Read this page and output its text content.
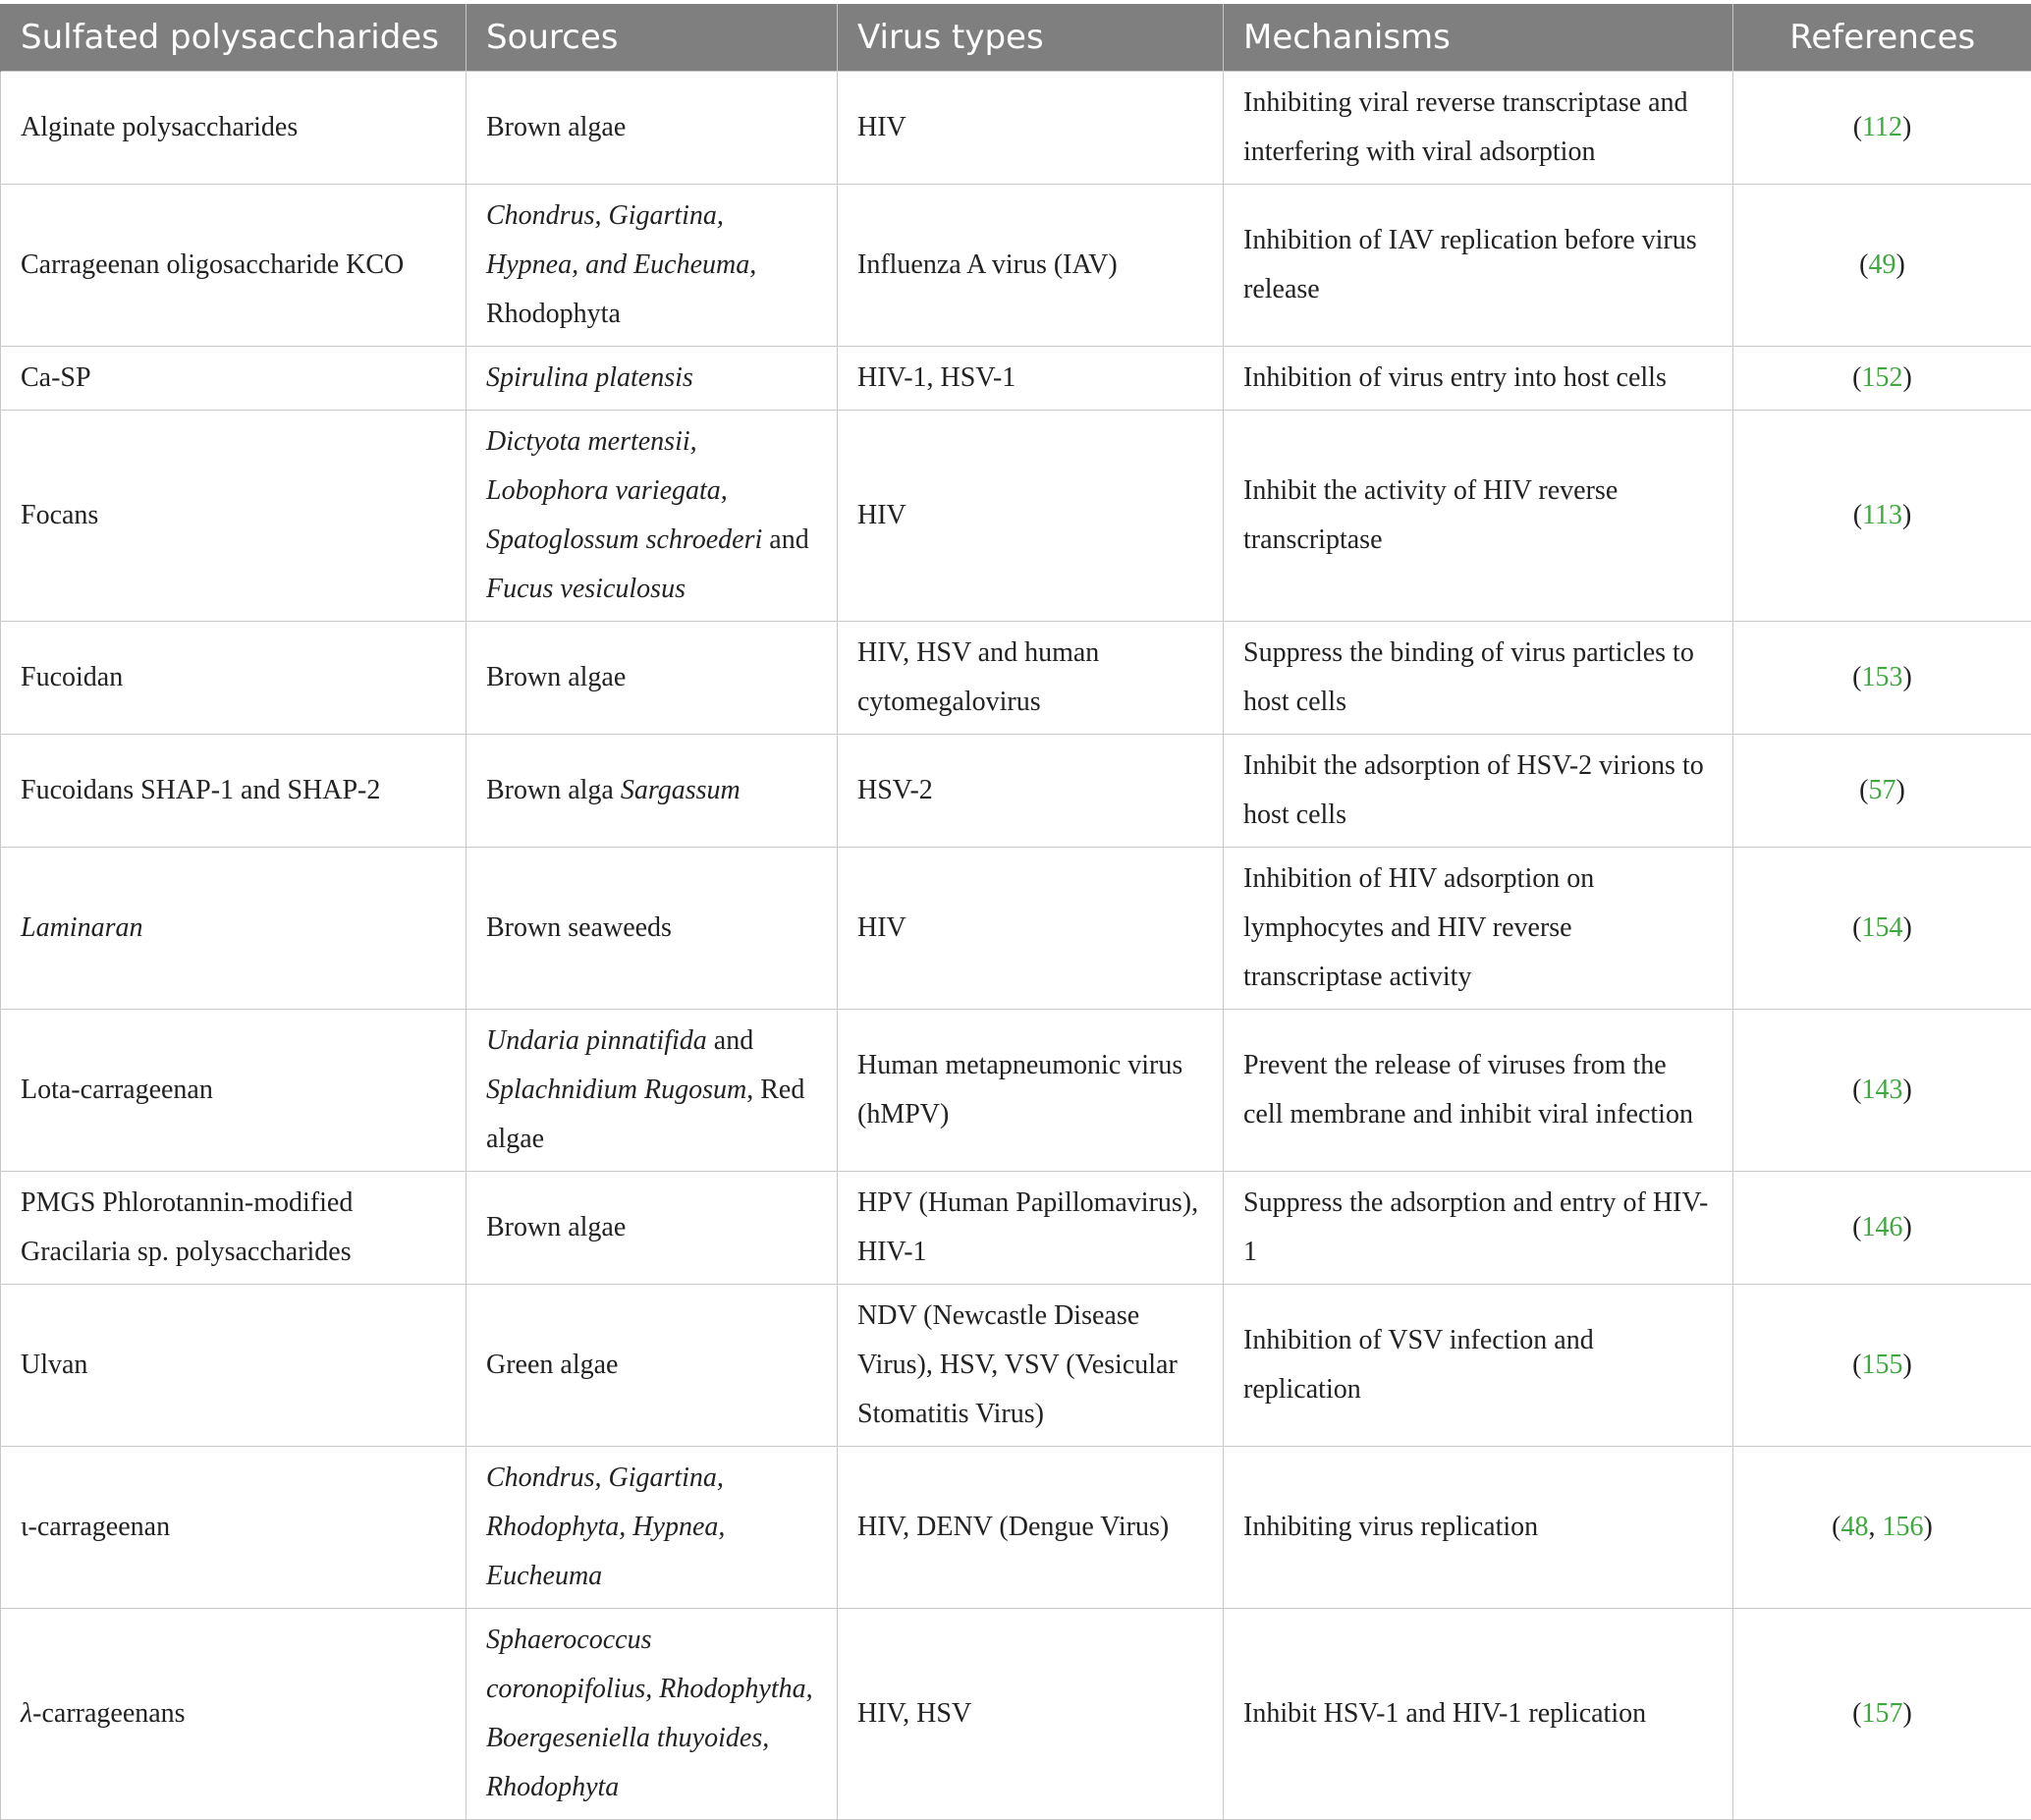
Sulfated polysaccharides	Sources	Virus types	Mechanisms	References
Alginate polysaccharides	Brown algae	HIV	Inhibiting viral reverse transcriptase and interfering with viral adsorption	(112)
Carrageenan oligosaccharide KCO	Chondrus, Gigartina, Hypnea, and Eucheuma, Rhodophyta	Influenza A virus (IAV)	Inhibition of IAV replication before virus release	(49)
Ca-SP	Spirulina platensis	HIV-1, HSV-1	Inhibition of virus entry into host cells	(152)
Focans	Dictyota mertensii, Lobophora variegata, Spatoglossum schroederi and Fucus vesiculosus	HIV	Inhibit the activity of HIV reverse transcriptase	(113)
Fucoidan	Brown algae	HIV, HSV and human cytomegalovirus	Suppress the binding of virus particles to host cells	(153)
Fucoidans SHAP-1 and SHAP-2	Brown alga Sargassum	HSV-2	Inhibit the adsorption of HSV-2 virions to host cells	(57)
Laminaran	Brown seaweeds	HIV	Inhibition of HIV adsorption on lymphocytes and HIV reverse transcriptase activity	(154)
Lota-carrageenan	Undaria pinnatifida and Splachnidium Rugosum, Red algae	Human metapneumonic virus (hMPV)	Prevent the release of viruses from the cell membrane and inhibit viral infection	(143)
PMGS Phlorotannin-modified Gracilaria sp. polysaccharides	Brown algae	HPV (Human Papillomavirus), HIV-1	Suppress the adsorption and entry of HIV-1	(146)
Ulvan	Green algae	NDV (Newcastle Disease Virus), HSV, VSV (Vesicular Stomatitis Virus)	Inhibition of VSV infection and replication	(155)
ι-carrageenan	Chondrus, Gigartina, Rhodophyta, Hypnea, Eucheuma	HIV, DENV (Dengue Virus)	Inhibiting virus replication	(48, 156)
λ-carrageenans	Sphaerococcus coronopifolius, Rhodophytha, Boergeseniella thuyoides, Rhodophyta	HIV, HSV	Inhibit HSV-1 and HIV-1 replication	(157)
